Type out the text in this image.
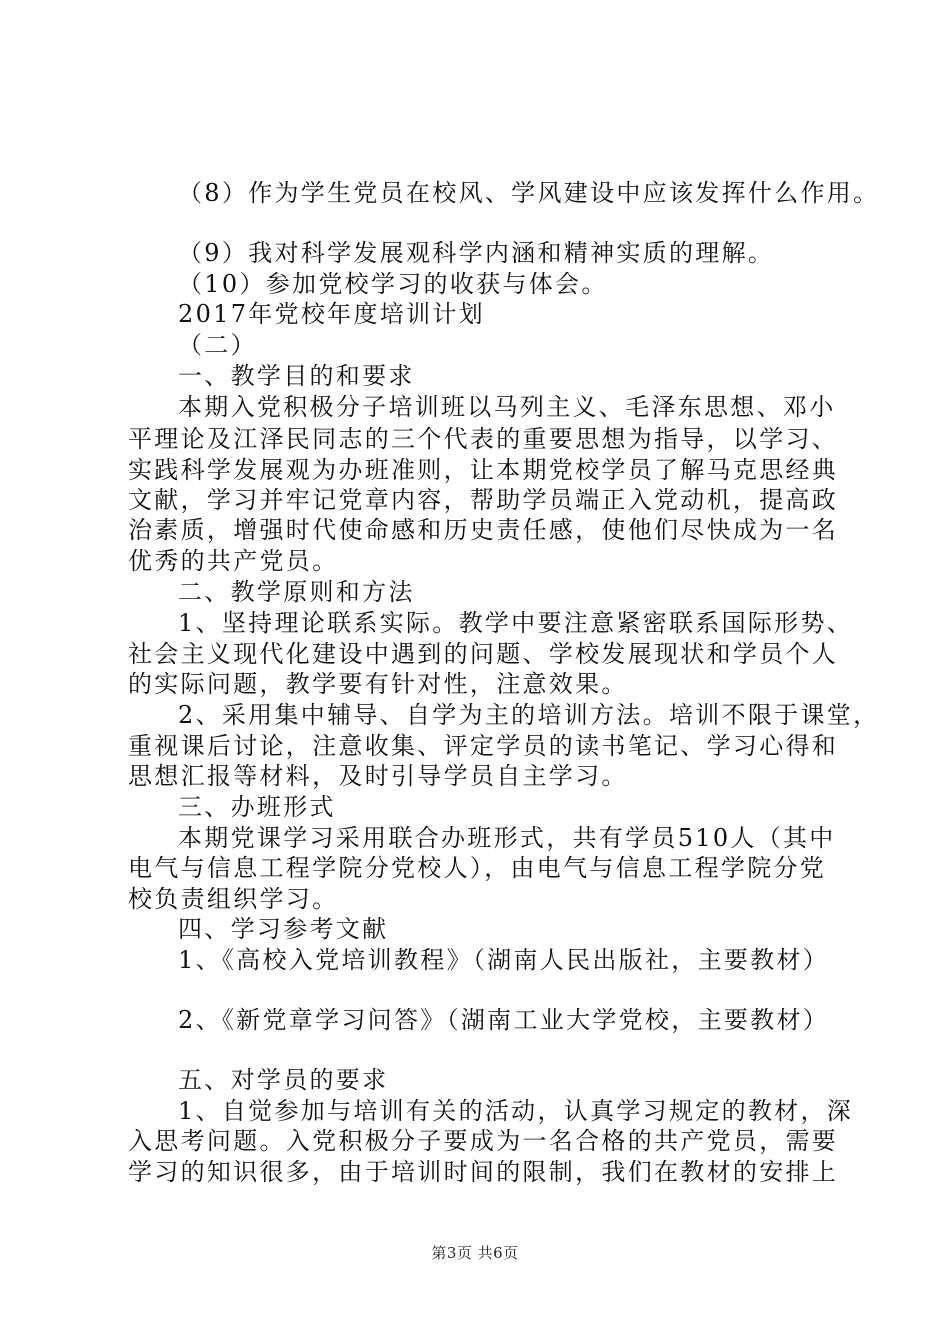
（8）作为学生党员在校风、学风建设中应该发挥什么作用。

（9）我对科学发展观科学内涵和精神实质的理解。

（10）参加党校学习的收获与体会。

2017年党校年度培训计划

（二）

一、教学目的和要求

本期入党积极分子培训班以马列主义、毛泽东思想、邓小

平理论及江泽民同志的三个代表的重要思想为指导，以学习、

实践科学发展观为办班准则，让本期党校学员了解马克思经典

文献，学习并牢记党章内容，帮助学员端正入党动机，提高政

治素质，增强时代使命感和历史责任感，使他们尽快成为一名

优秀的共产党员。

二、教学原则和方法

1、坚持理论联系实际。教学中要注意紧密联系国际形势、

社会主义现代化建设中遇到的问题、学校发展现状和学员个人

的实际问题，教学要有针对性，注意效果。

2、采用集中辅导、自学为主的培训方法。培训不限于课堂，

重视课后讨论，注意收集、评定学员的读书笔记、学习心得和

思想汇报等材料，及时引导学员自主学习。

三、办班形式

本期党课学习采用联合办班形式，共有学员510人（其中

电气与信息工程学院分党校人），由电气与信息工程学院分党

校负责组织学习。

四、学习参考文献

1、《高校入党培训教程》（湖南人民出版社，主要教材）

2、《新党章学习问答》（湖南工业大学党校，主要教材）

五、对学员的要求

1、自觉参加与培训有关的活动，认真学习规定的教材，深

入思考问题。入党积极分子要成为一名合格的共产党员，需要

学习的知识很多，由于培训时间的限制，我们在教材的安排上

第3页 共6页
